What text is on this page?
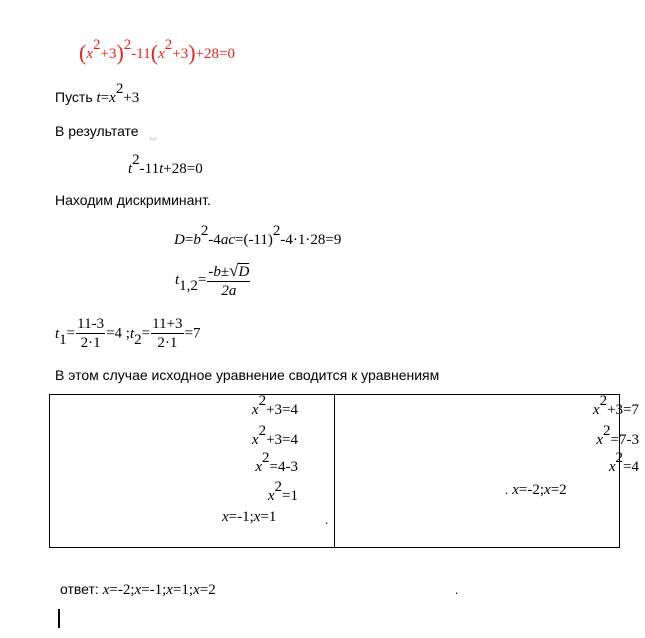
$(x^2+3)^2-11(x^2+3)+28=0$
Пусть $t=x^2+3$
В результате ◡
$t^2-11t+28=0$
Находим дискриминант.
$D=b^2-4ac=(-11)^2-4\cdot 1\cdot 28=9$
$t_{1,2}= \frac{-b\pm√D}{2a}$
$t_1= \frac{11-3}{2\cdot 1} =4$ $;t_2= \frac{11+3}{2\cdot 1} =7$
В этом случае исходное уравнение сводится к уравнениям
$x^2+3=4$
$x^2+3=4$
$x^2=4-3$
$x^2=1$
x=-1;x=1	.
$x^2+3=7$
$x^2=7-3$
$x^2=4$
. x=-2;x=2
ответ: x=-2;x=-1;x=1;x=2	.
